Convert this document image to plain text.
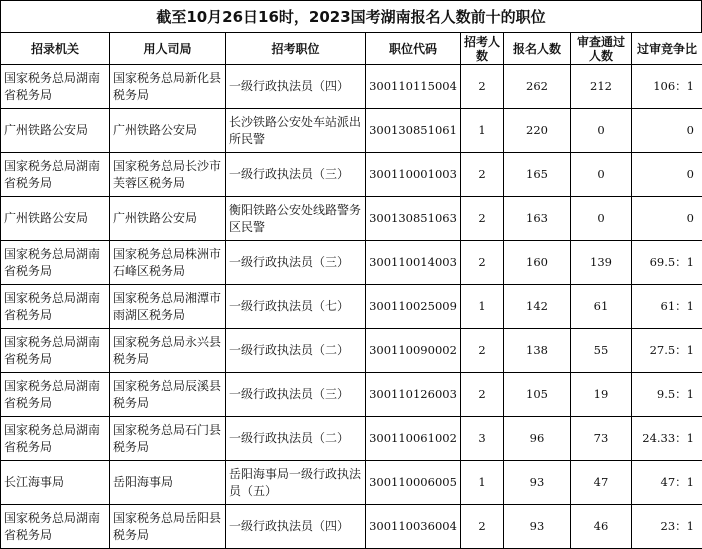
截至10月26日16时，2023国考湖南报名人数前十的职位
招录机关	用人司局	招考职位	职位代码	招考人数	报名人数	审查通过人数	过审竞争比
国家税务总局湖南省税务局	国家税务总局新化县税务局	一级行政执法员（四）	300110115004	2	262	212	106：1
广州铁路公安局	广州铁路公安局	长沙铁路公安处车站派出所民警	300130851061	1	220	0	0
国家税务总局湖南省税务局	国家税务总局长沙市芙蓉区税务局	一级行政执法员（三）	300110001003	2	165	0	0
广州铁路公安局	广州铁路公安局	衡阳铁路公安处线路警务区民警	300130851063	2	163	0	0
国家税务总局湖南省税务局	国家税务总局株洲市石峰区税务局	一级行政执法员（三）	300110014003	2	160	139	69.5：1
国家税务总局湖南省税务局	国家税务总局湘潭市雨湖区税务局	一级行政执法员（七）	300110025009	1	142	61	61：1
国家税务总局湖南省税务局	国家税务总局永兴县税务局	一级行政执法员（二）	300110090002	2	138	55	27.5：1
国家税务总局湖南省税务局	国家税务总局辰溪县税务局	一级行政执法员（三）	300110126003	2	105	19	9.5：1
国家税务总局湖南省税务局	国家税务总局石门县税务局	一级行政执法员（二）	300110061002	3	96	73	24.33：1
长江海事局	岳阳海事局	岳阳海事局一级行政执法员（五）	300110006005	1	93	47	47：1
国家税务总局湖南省税务局	国家税务总局岳阳县税务局	一级行政执法员（四）	300110036004	2	93	46	23：1
